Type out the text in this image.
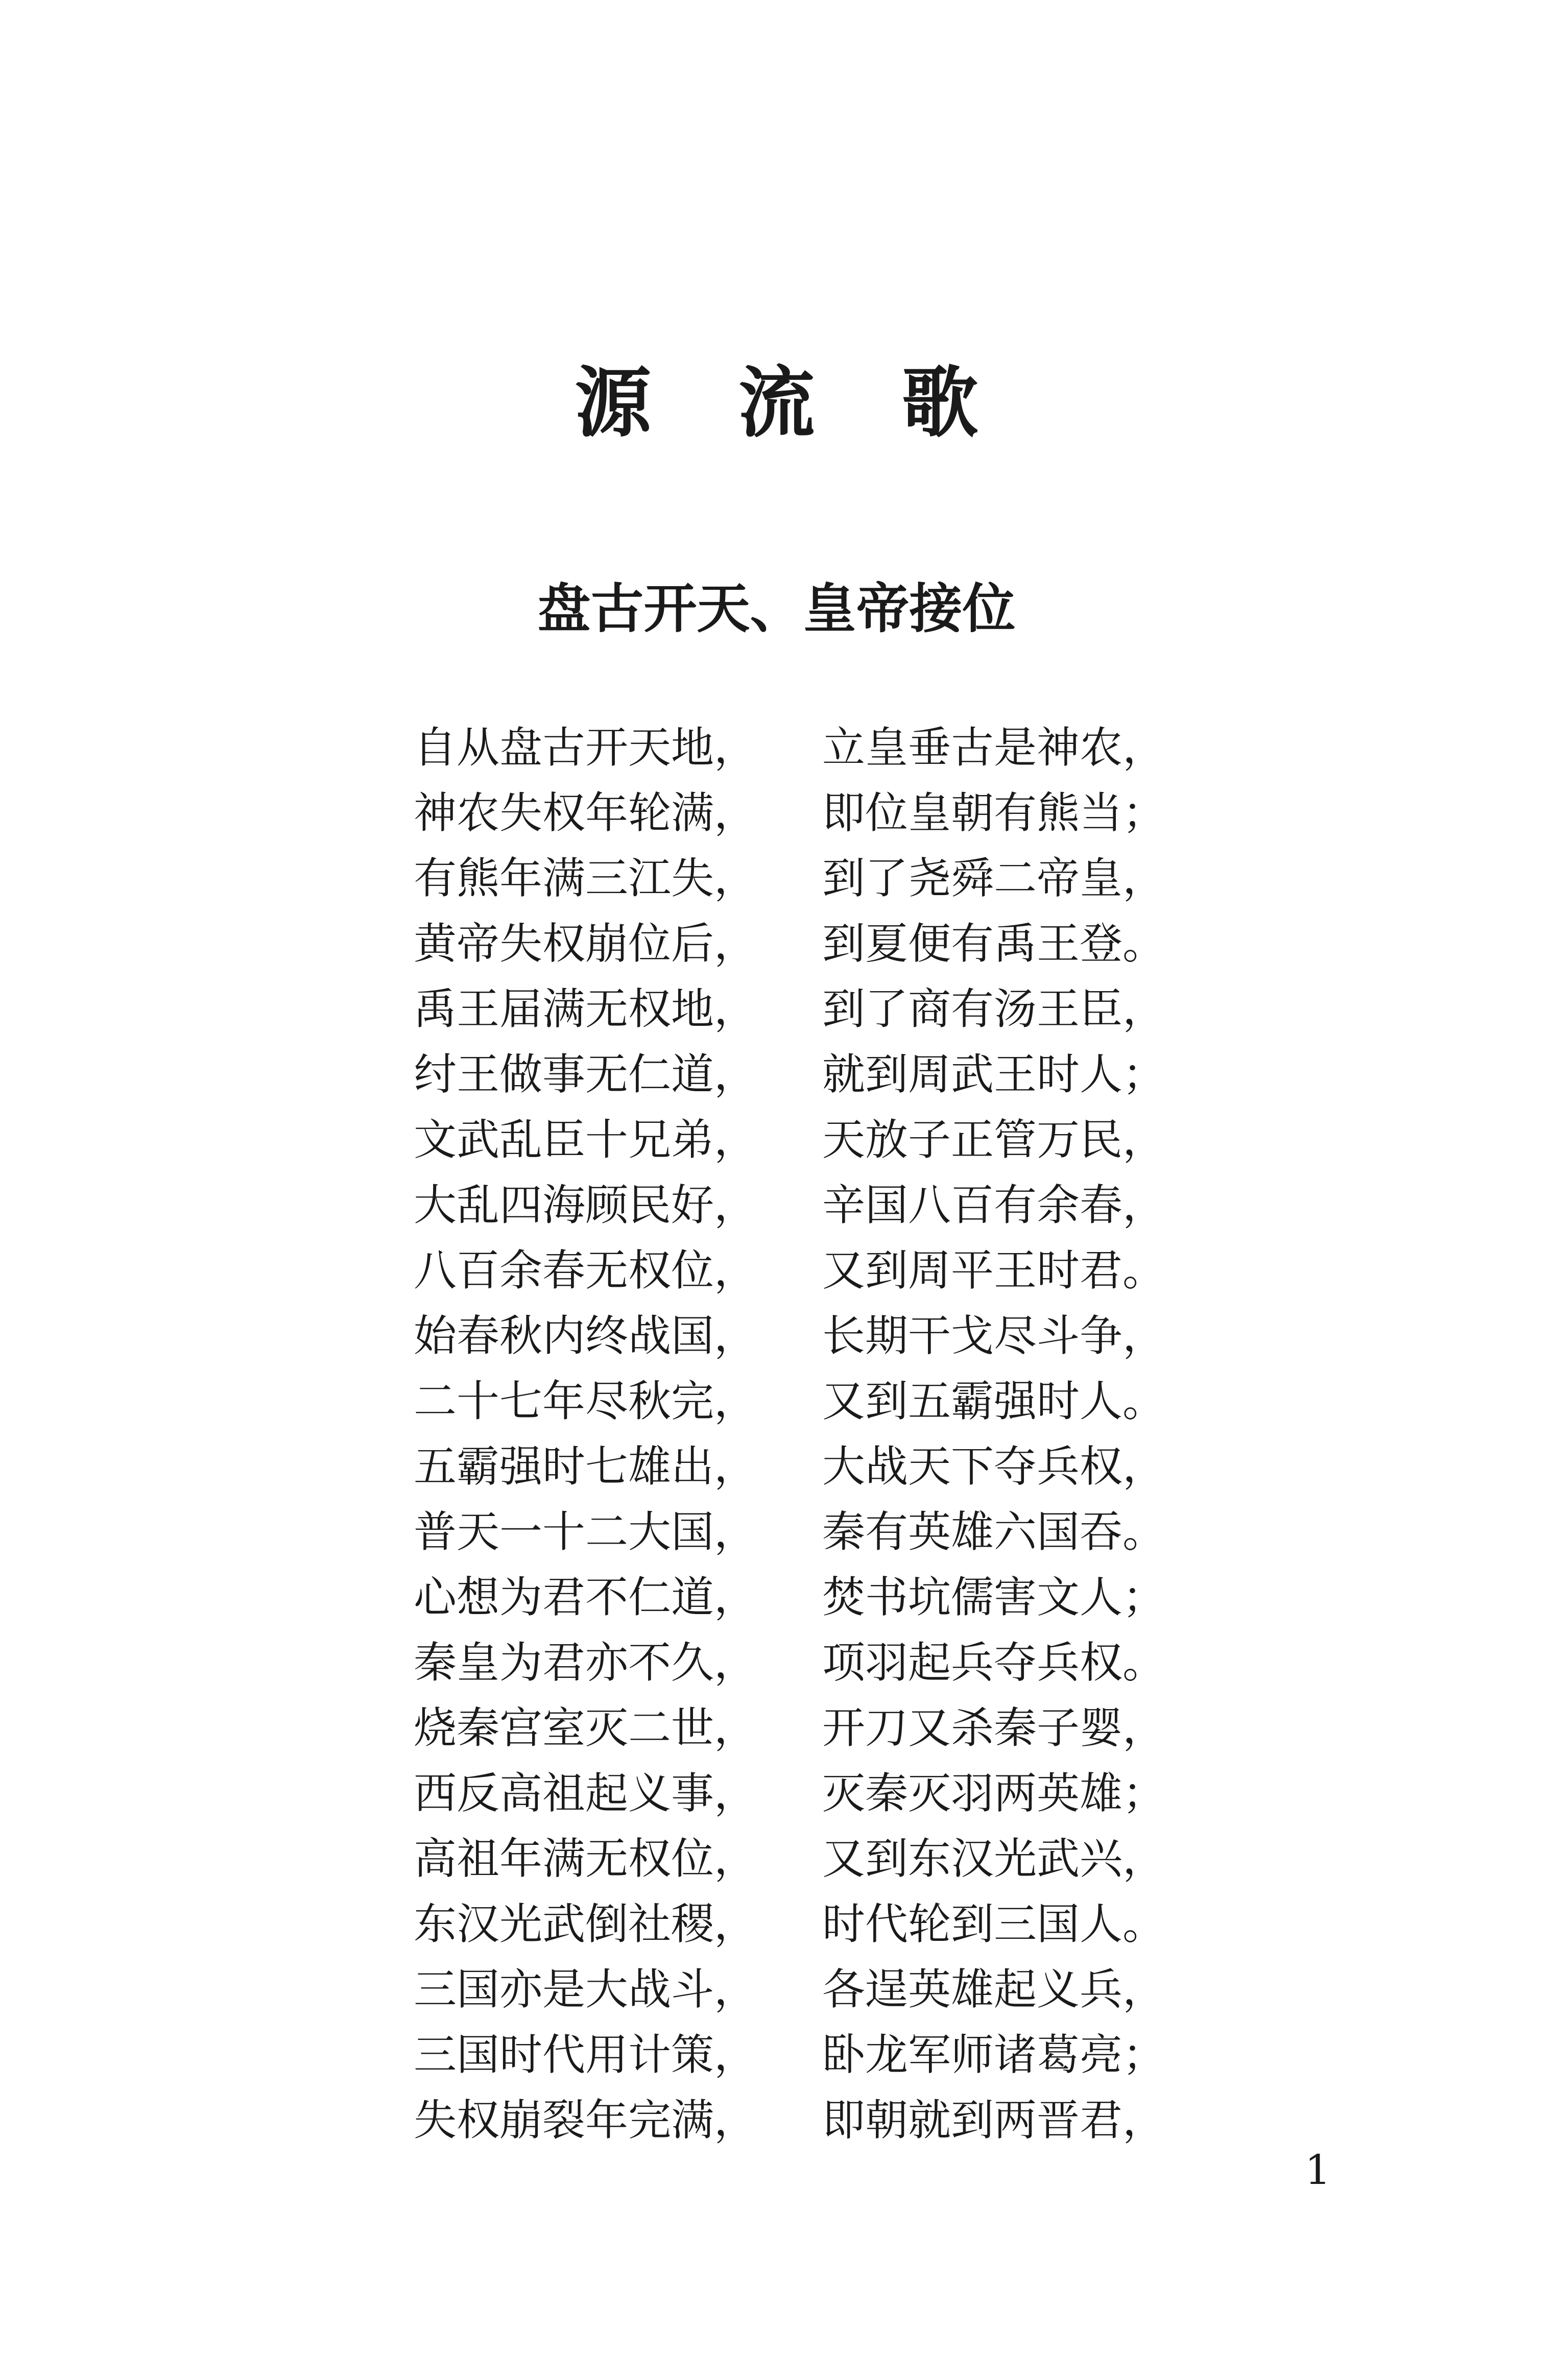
源流歌
盘古开天、皇帝接位
自从盘古开天地， 立皇垂古是神农，
神农失权年轮满， 即位皇朝有熊当；
有熊年满三江失， 到了尧舜二帝皇，
黄帝失权崩位后， 到夏便有禹王登。
禹王届满无权地， 到了商有汤王臣，
纣王做事无仁道， 就到周武王时人；
文武乱臣十兄弟， 天放子正管万民，
大乱四海顾民好， 辛国八百有余春，
八百余春无权位， 又到周平王时君。
始春秋内终战国， 长期干戈尽斗争，
二十七年尽秋完， 又到五霸强时人。
五霸强时七雄出， 大战天下夺兵权，
普天一十二大国， 秦有英雄六国吞。
心想为君不仁道， 焚书坑儒害文人；
秦皇为君亦不久， 项羽起兵夺兵权。
烧秦宫室灭二世， 开刀又杀秦子婴，
西反高祖起义事， 灭秦灭羽两英雄；
高祖年满无权位， 又到东汉光武兴，
东汉光武倒社稷， 时代轮到三国人。
三国亦是大战斗， 各逞英雄起义兵，
三国时代用计策， 卧龙军师诸葛亮；
失权崩裂年完满， 即朝就到两晋君，
1
